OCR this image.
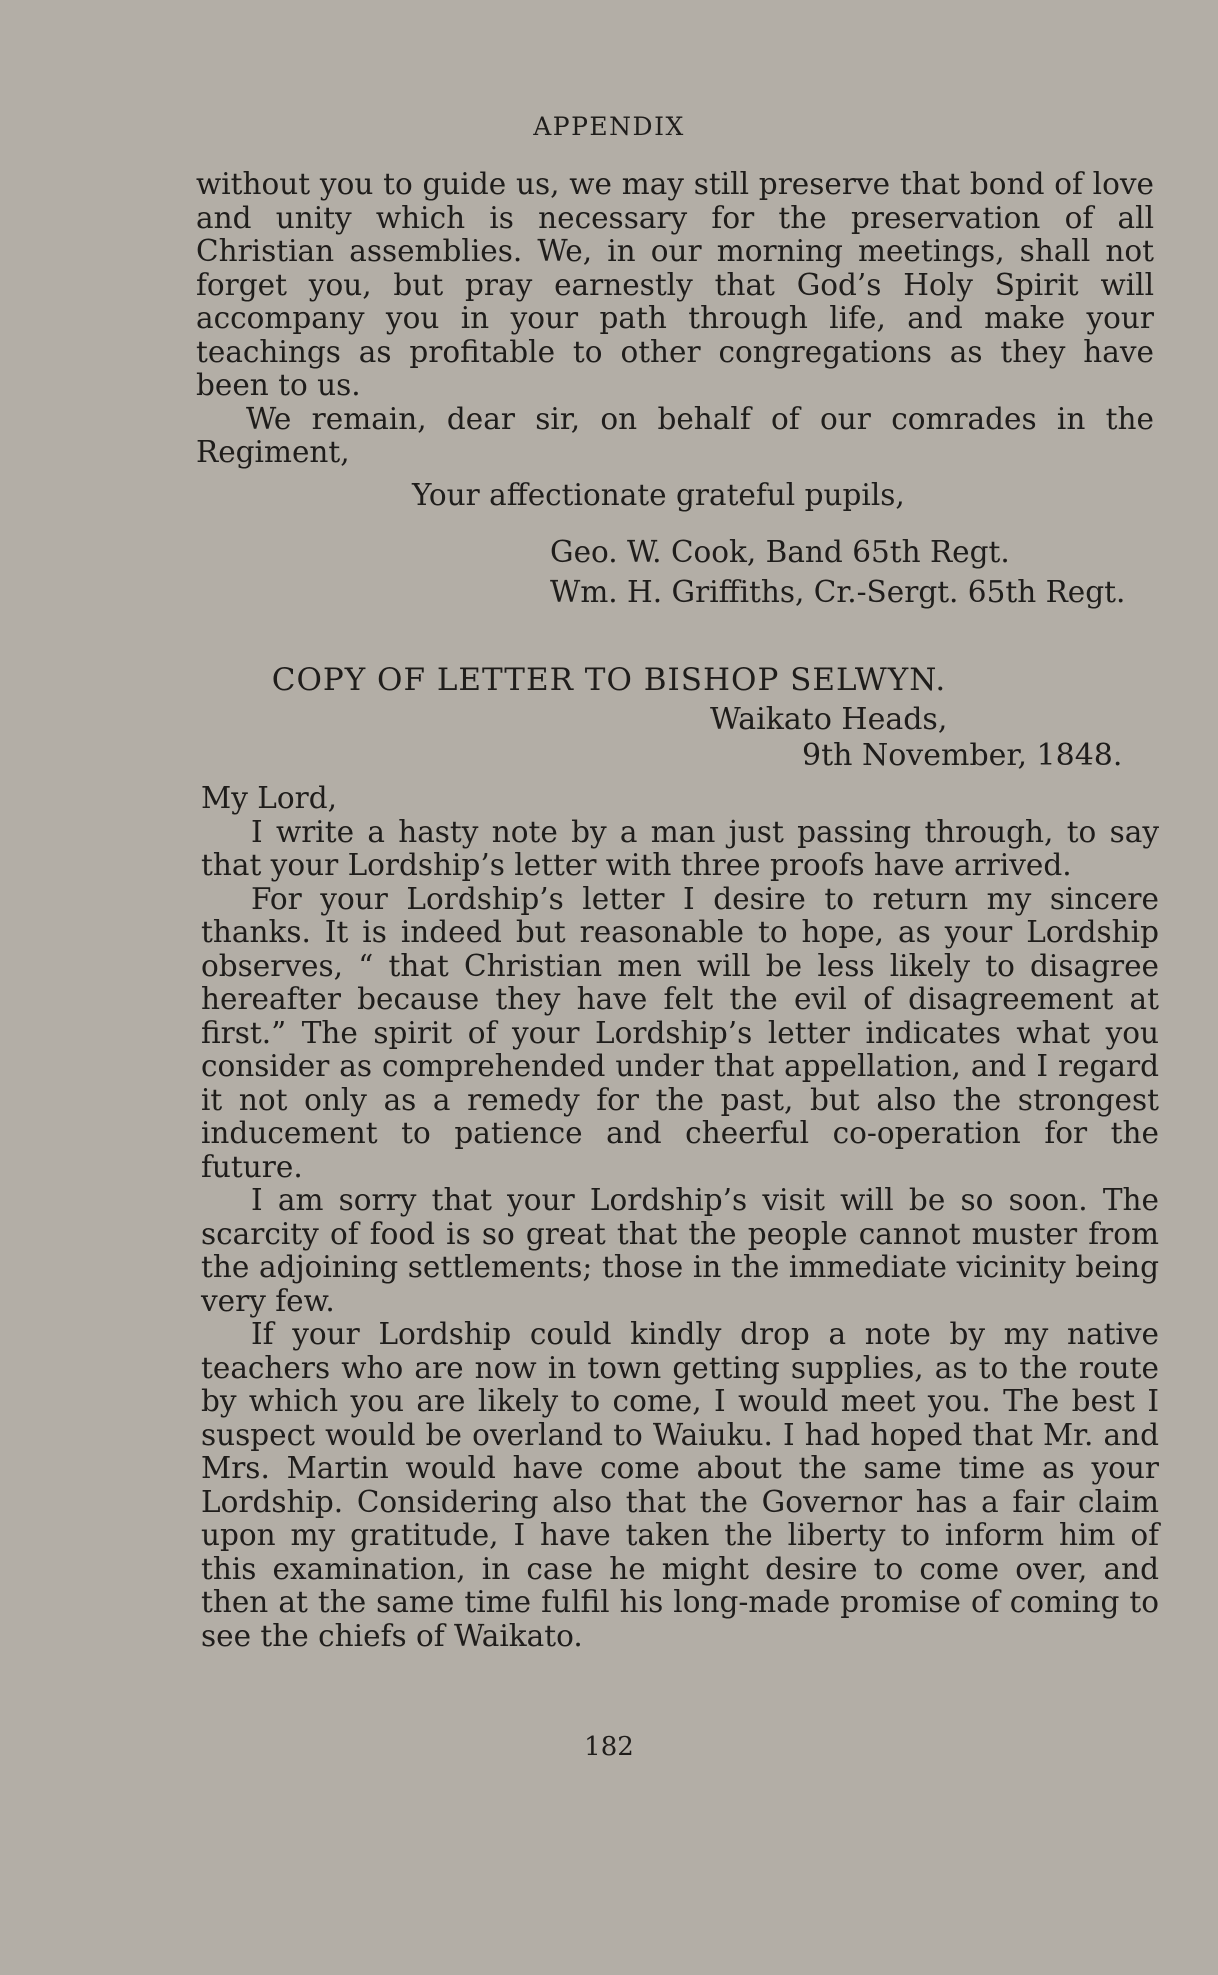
APPENDIX

without you to guide us, we may still preserve that bond of love and unity which is necessary for the preservation of all Christian assemblies. We, in our morning meetings, shall not forget you, but pray earnestly that God’s Holy Spirit will accompany you in your path through life, and make your teachings as profitable to other congregations as they have been to us.

We remain, dear sir, on behalf of our comrades in the Regiment,

Your affectionate grateful pupils,
Geo. W. Cook, Band 65th Regt.
Wm. H. Griffiths, Cr.-Sergt. 65th Regt.
COPY OF LETTER TO BISHOP SELWYN.
Waikato Heads,
9th November, 1848.

My Lord,

I write a hasty note by a man just passing through, to say that your Lordship’s letter with three proofs have arrived.

For your Lordship’s letter I desire to return my sincere thanks. It is indeed but reasonable to hope, as your Lordship observes, “ that Christian men will be less likely to disagree hereafter because they have felt the evil of disagreement at first.” The spirit of your Lordship’s letter indicates what you consider as comprehended under that appellation, and I regard it not only as a remedy for the past, but also the strongest inducement to patience and cheerful co-operation for the future.

I am sorry that your Lordship’s visit will be so soon. The scarcity of food is so great that the people cannot muster from the adjoining settlements; those in the immediate vicinity being very few.

If your Lordship could kindly drop a note by my native teachers who are now in town getting supplies, as to the route by which you are likely to come, I would meet you. The best I suspect would be overland to Waiuku. I had hoped that Mr. and Mrs. Martin would have come about the same time as your Lordship. Considering also that the Governor has a fair claim upon my gratitude, I have taken the liberty to inform him of this examination, in case he might desire to come over, and then at the same time fulfil his long-made promise of coming to see the chiefs of Waikato.

182
